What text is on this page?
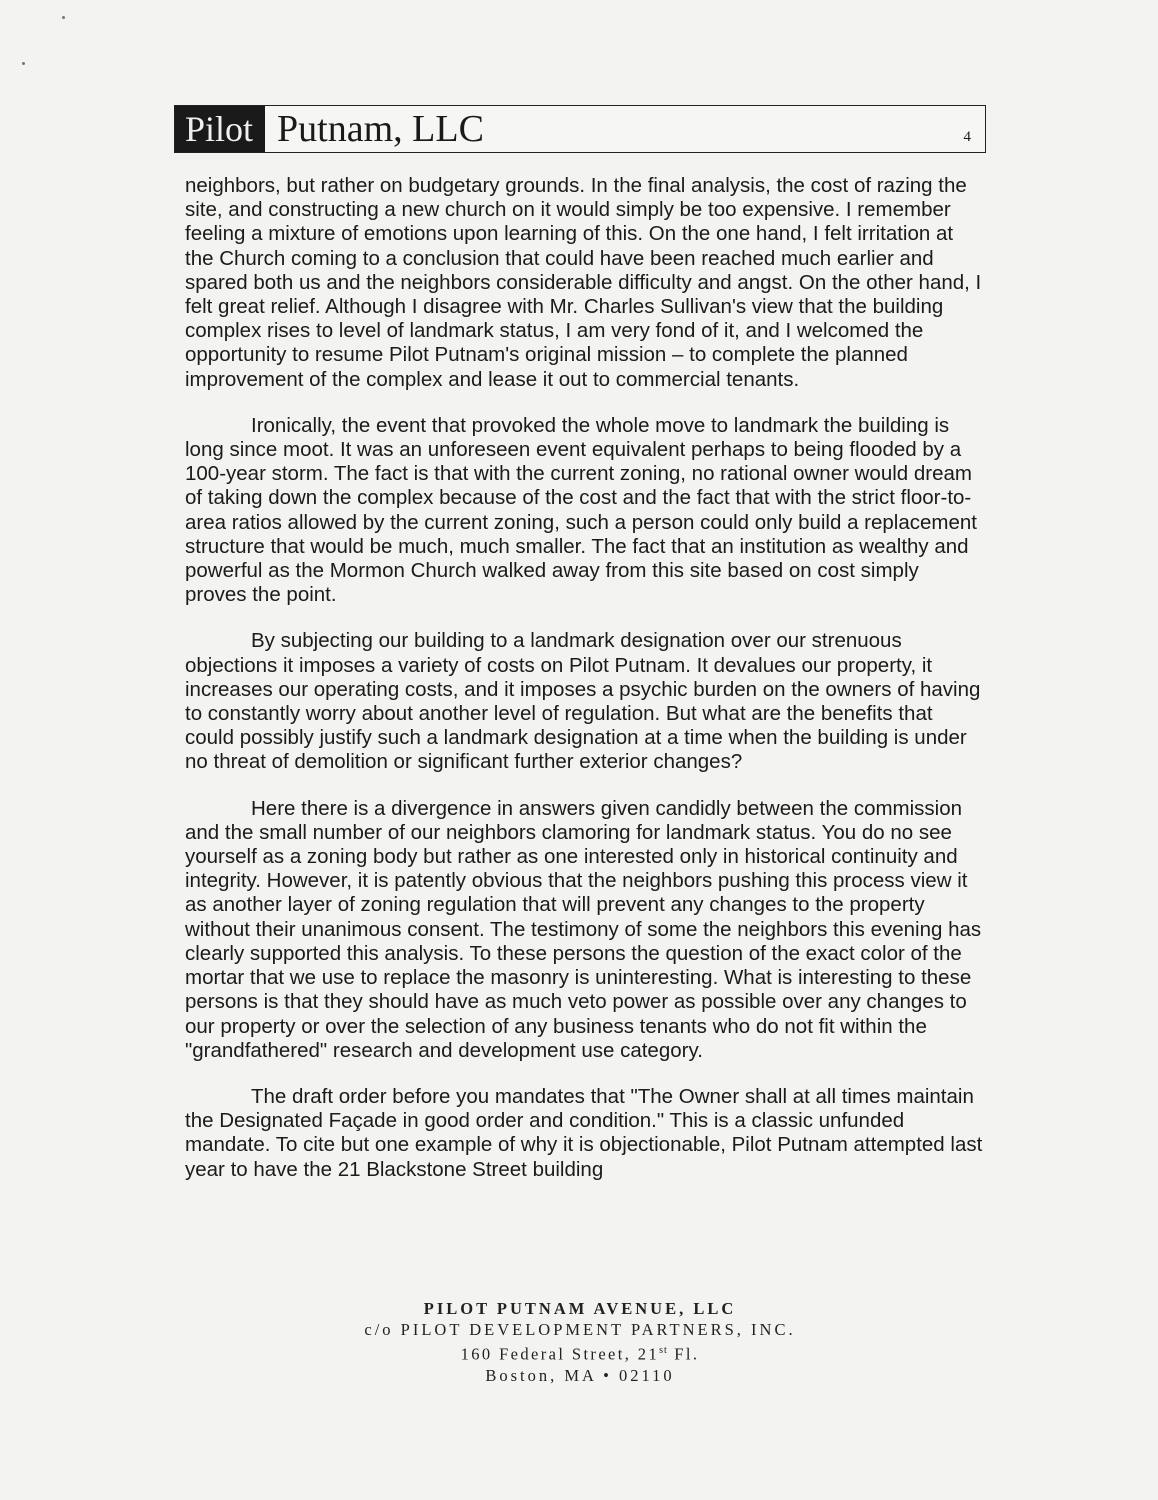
Pilot Putnam, LLC	4

neighbors, but rather on budgetary grounds. In the final analysis, the cost of razing the site, and constructing a new church on it would simply be too expensive. I remember feeling a mixture of emotions upon learning of this. On the one hand, I felt irritation at the Church coming to a conclusion that could have been reached much earlier and spared both us and the neighbors considerable difficulty and angst. On the other hand, I felt great relief. Although I disagree with Mr. Charles Sullivan's view that the building complex rises to level of landmark status, I am very fond of it, and I welcomed the opportunity to resume Pilot Putnam's original mission – to complete the planned improvement of the complex and lease it out to commercial tenants.

Ironically, the event that provoked the whole move to landmark the building is long since moot. It was an unforeseen event equivalent perhaps to being flooded by a 100-year storm. The fact is that with the current zoning, no rational owner would dream of taking down the complex because of the cost and the fact that with the strict floor-to-area ratios allowed by the current zoning, such a person could only build a replacement structure that would be much, much smaller. The fact that an institution as wealthy and powerful as the Mormon Church walked away from this site based on cost simply proves the point.

By subjecting our building to a landmark designation over our strenuous objections it imposes a variety of costs on Pilot Putnam. It devalues our property, it increases our operating costs, and it imposes a psychic burden on the owners of having to constantly worry about another level of regulation. But what are the benefits that could possibly justify such a landmark designation at a time when the building is under no threat of demolition or significant further exterior changes?

Here there is a divergence in answers given candidly between the commission and the small number of our neighbors clamoring for landmark status. You do no see yourself as a zoning body but rather as one interested only in historical continuity and integrity. However, it is patently obvious that the neighbors pushing this process view it as another layer of zoning regulation that will prevent any changes to the property without their unanimous consent. The testimony of some the neighbors this evening has clearly supported this analysis. To these persons the question of the exact color of the mortar that we use to replace the masonry is uninteresting. What is interesting to these persons is that they should have as much veto power as possible over any changes to our property or over the selection of any business tenants who do not fit within the "grandfathered" research and development use category.

The draft order before you mandates that "The Owner shall at all times maintain the Designated Façade in good order and condition." This is a classic unfunded mandate. To cite but one example of why it is objectionable, Pilot Putnam attempted last year to have the 21 Blackstone Street building

PILOT PUTNAM AVENUE, LLC
c/o PILOT DEVELOPMENT PARTNERS, INC.
160 Federal Street, 21st Fl.
Boston, MA • 02110
